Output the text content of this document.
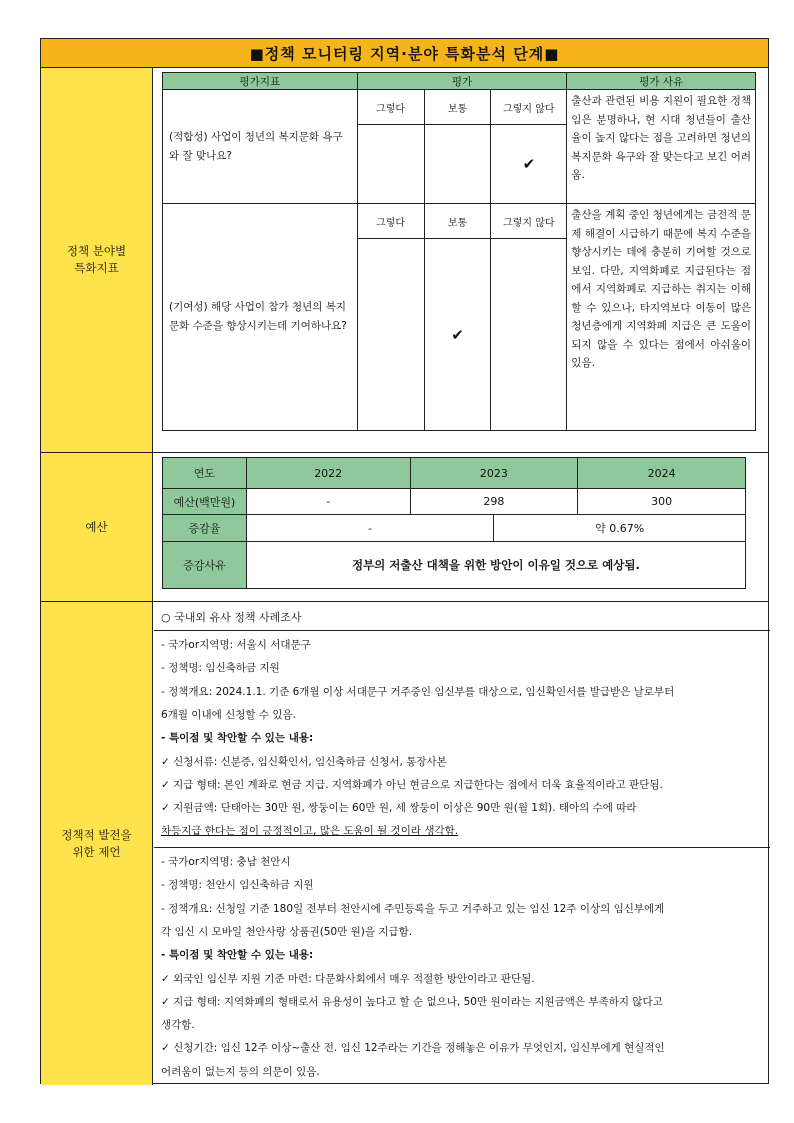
■정책 모니터링 지역·분야 특화분석 단계■
정책 분야별
특화지표
평가지표	평가			평가 사유
(적합성) 사업이 청년의 복지문화 욕구와 잘 맞나요?	그렇다	보통	그렇지 않다	출산과 관련된 비용 지원이 필요한 정책임은 분명하나, 현 시대 청년들이 출산율이 높지 않다는 점을 고려하면 청년의 복지문화 욕구와 잘 맞는다고 보긴 어려움.
			✔	
(기여성) 해당 사업이 참가 청년의 복지문화 수준을 향상시키는데 기여하나요?	그렇다	보통	그렇지 않다	출산을 계획 중인 청년에게는 금전적 문제 해결이 시급하기 때문에 복지 수준을 향상시키는 데에 충분히 기여할 것으로 보임. 다만, 지역화폐로 지급된다는 점에서 지역화폐로 지급하는 취지는 이해할 수 있으나, 타지역보다 이동이 많은 청년층에게 지역화폐 지급은 큰 도움이 되지 않을 수 있다는 점에서 아쉬움이 있음.
		✔		
예산
연도	2022	2023		2024
예산(백만원)	-	298		300
증감율	-		약 0.67%	
증감사유	정부의 저출산 대책을 위한 방안이 이유일 것으로 예상됨.			
정책적 발전을
위한 제언
○ 국내외 유사 정책 사례조사
- 국가or지역명: 서울시 서대문구
- 정책명: 임신축하금 지원
- 정책개요: 2024.1.1. 기준 6개월 이상 서대문구 거주중인 임신부를 대상으로, 임신확인서를 발급받은 날로부터
6개월 이내에 신청할 수 있음.
- 특이점 및 착안할 수 있는 내용:
✓ 신청서류: 신분증, 임신확인서, 임신축하금 신청서, 통장사본
✓ 지급 형태: 본인 계좌로 현금 지급. 지역화폐가 아닌 현금으로 지급한다는 점에서 더욱 효율적이라고 판단됨.
✓ 지원금액: 단태아는 30만 원, 쌍둥이는 60만 원, 세 쌍둥이 이상은 90만 원(월 1회). 태아의 수에 따라
차등지급 한다는 점이 긍정적이고, 많은 도움이 될 것이라 생각함.
- 국가or지역명: 충남 천안시
- 정책명: 천안시 임신축하금 지원
- 정책개요: 신청일 기준 180일 전부터 천안시에 주민등록을 두고 거주하고 있는 임신 12주 이상의 임신부에게
각 임신 시 모바일 천안사랑 상품권(50만 원)을 지급함.
- 특이점 및 착안할 수 있는 내용:
✓ 외국인 임신부 지원 기준 마련: 다문화사회에서 매우 적절한 방안이라고 판단됨.
✓ 지급 형태: 지역화폐의 형태로서 유용성이 높다고 할 순 없으나, 50만 원이라는 지원금액은 부족하지 않다고
생각함.
✓ 신청기간: 임신 12주 이상~출산 전. 임신 12주라는 기간을 정해놓은 이유가 무엇인지, 임신부에게 현실적인
어려움이 없는지 등의 의문이 있음.
